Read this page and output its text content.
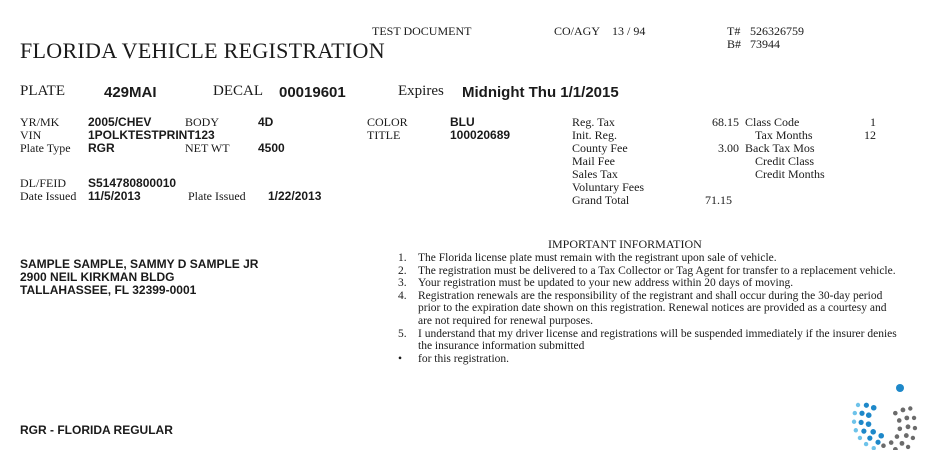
TEST DOCUMENT	CO/AGY 13 / 94	T# 526326759
B# 73944
FLORIDA VEHICLE REGISTRATION
PLATE	429MAI	DECAL 00019601	Expires Midnight Thu 1/1/2015
YR/MK 2005/CHEV	BODY	4D	COLOR	BLU
VIN	1POLKTESTPRINT123	TITLE	100020689
Plate Type RGR	NET WT 4500
DL/FEID S514780800010
Date Issued 11/5/2013	Plate Issued 1/22/2013
Reg. Tax	68.15
Init. Reg.
County Fee	3.00
Mail Fee
Sales Tax
Voluntary Fees
Grand Total	71.15
Class Code	1
Tax Months	12
Back Tax Mos
Credit Class
Credit Months
SAMPLE SAMPLE, SAMMY D SAMPLE JR
2900 NEIL KIRKMAN BLDG
TALLAHASSEE, FL 32399-0001
IMPORTANT INFORMATION
1. The Florida license plate must remain with the registrant upon sale of vehicle.
2. The registration must be delivered to a Tax Collector or Tag Agent for transfer to a replacement vehicle.
3. Your registration must be updated to your new address within 20 days of moving.
4. Registration renewals are the responsibility of the registrant and shall occur during the 30-day period prior to the expiration date shown on this registration. Renewal notices are provided as a courtesy and are not required for renewal purposes.
5. I understand that my driver license and registrations will be suspended immediately if the insurer denies the insurance information submitted
• for this registration.
RGR - FLORIDA REGULAR
